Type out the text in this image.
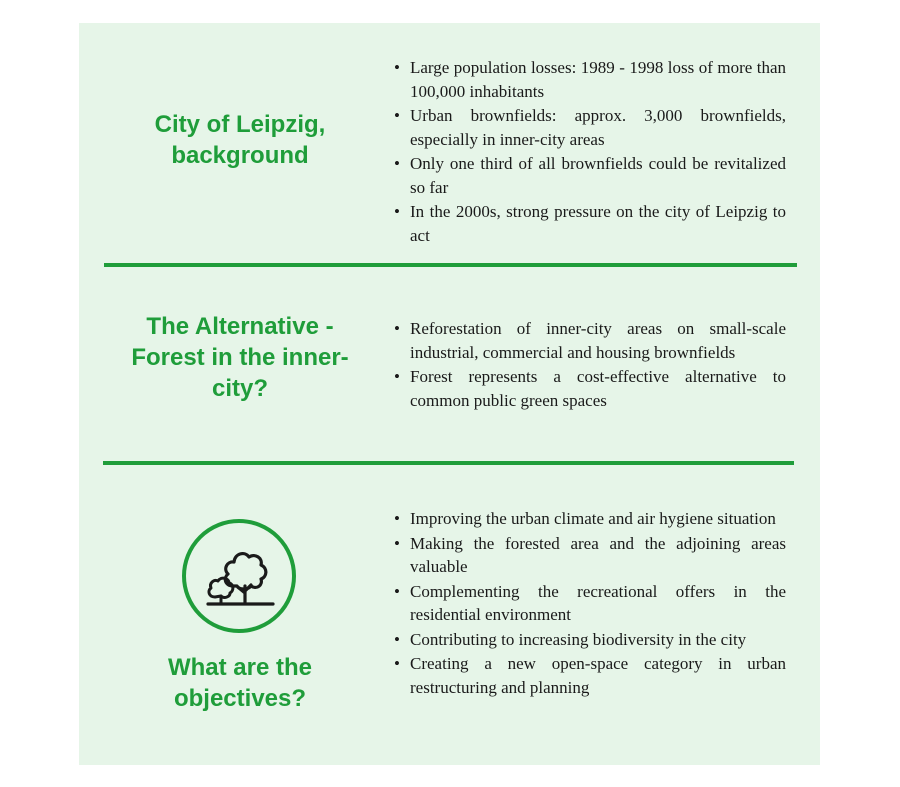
City of Leipzig, background
• Large population losses: 1989 - 1998 loss of more than 100,000 inhabitants
• Urban brownfields: approx. 3,000 brownfields, especially in inner-city areas
• Only one third of all brownfields could be revitalized so far
• In the 2000s, strong pressure on the city of Leipzig to act
The Alternative - Forest in the inner-city?
• Reforestation of inner-city areas on small-scale industrial, commercial and housing brownfields
• Forest represents a cost-effective alternative to common public green spaces
What are the objectives?
• Improving the urban climate and air hygiene situation
• Making the forested area and the adjoining areas valuable
• Complementing the recreational offers in the residential environment
• Contributing to increasing biodiversity in the city
• Creating a new open-space category in urban restructuring and planning
